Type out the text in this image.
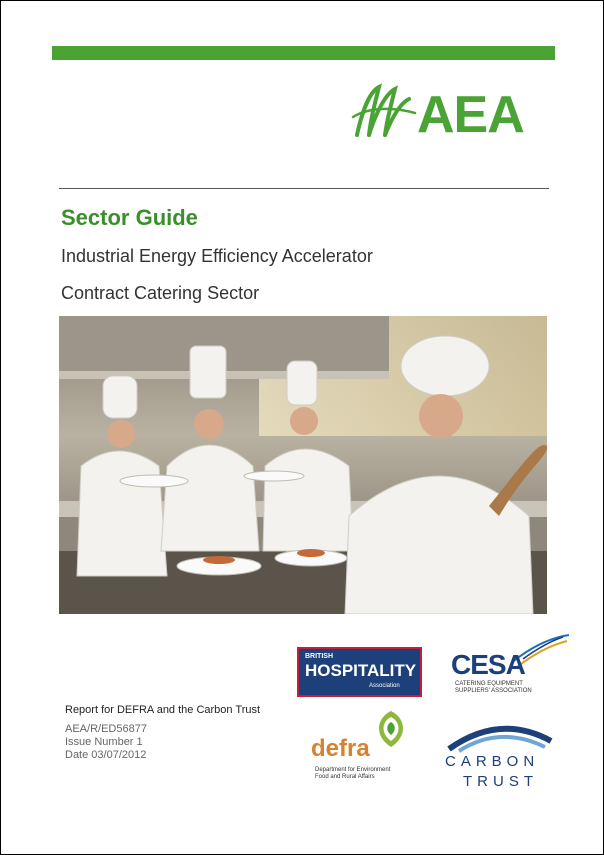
AEA
Sector Guide
Industrial Energy Efficiency Accelerator
Contract Catering Sector
BRITISH
HOSPITALITY
Association
CESA
CATERING EQUIPMENT SUPPLIERS' ASSOCIATION
Report for DEFRA and the Carbon Trust
AEA/R/ED56877
Issue Number 1
Date 03/07/2012	defra
Department for Environment Food and Rural Affairs
CARBON
TRUST
